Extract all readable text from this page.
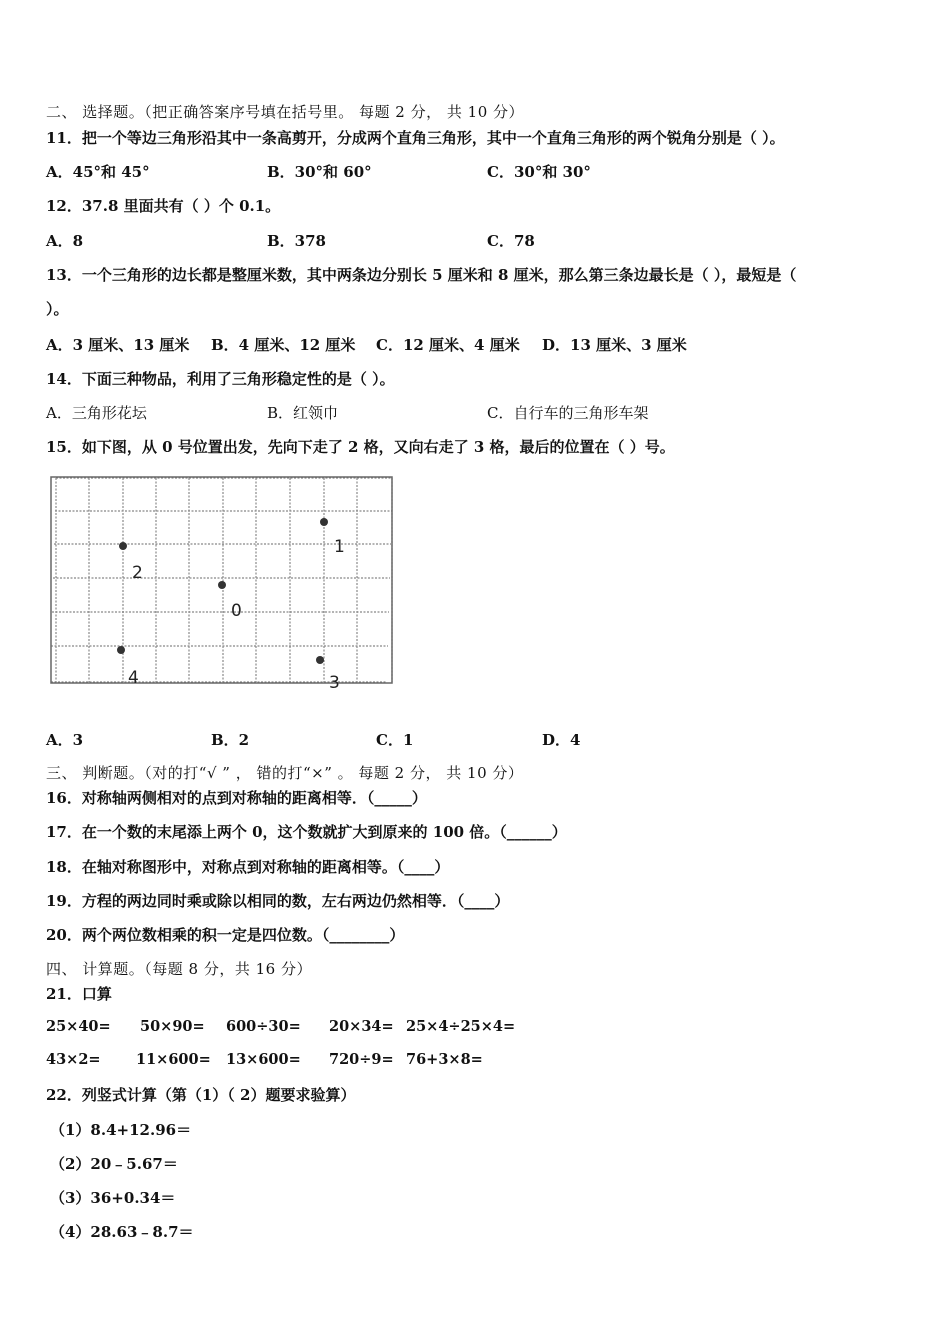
二、 选择题。（把正确答案序号填在括号里。 每题 2 分， 共 10 分）
11．把一个等边三角形沿其中一条高剪开，分成两个直角三角形，其中一个直角三角形的两个锐角分别是（ ）。
A．45°和 45°	B．30°和 60°	C．30°和 30°
12．37.8 里面共有（ ）个 0.1。
A．8	B．378	C．78
13．一个三角形的边长都是整厘米数，其中两条边分别长 5 厘米和 8 厘米，那么第三条边最长是（ ），最短是（
）。
A．3 厘米、13 厘米 B．4 厘米、12 厘米 C．12 厘米、4 厘米 D．13 厘米、3 厘米
14．下面三种物品，利用了三角形稳定性的是（ ）。
A．三角形花坛	B．红领巾	C．自行车的三角形车架
15．如下图，从 0 号位置出发，先向下走了 2 格，又向右走了 3 格，最后的位置在（ ）号。
1
2
0
4	3
A．3	B．2	C．1	D．4
三、 判断题。（对的打“√ ” ， 错的打“×” 。 每题 2 分， 共 10 分）
16．对称轴两侧相对的点到对称轴的距离相等．（_____）
17．在一个数的末尾添上两个 0，这个数就扩大到原来的 100 倍。（______）
18．在轴对称图形中，对称点到对称轴的距离相等。（____）
19．方程的两边同时乘或除以相同的数，左右两边仍然相等．（____）
20．两个两位数相乘的积一定是四位数。（________）
四、 计算题。（每题 8 分，共 16 分）
21．口算
25×40= 50×90= 600÷30= 20×34= 25×4÷25×4=
43×2= 11×600= 13×600= 720÷9= 76+3×8=
22．列竖式计算（第（1）（ 2）题要求验算）
（1）8.4+12.96＝
（2）20﹣5.67＝
（3）36+0.34＝
（4）28.63﹣8.7＝
